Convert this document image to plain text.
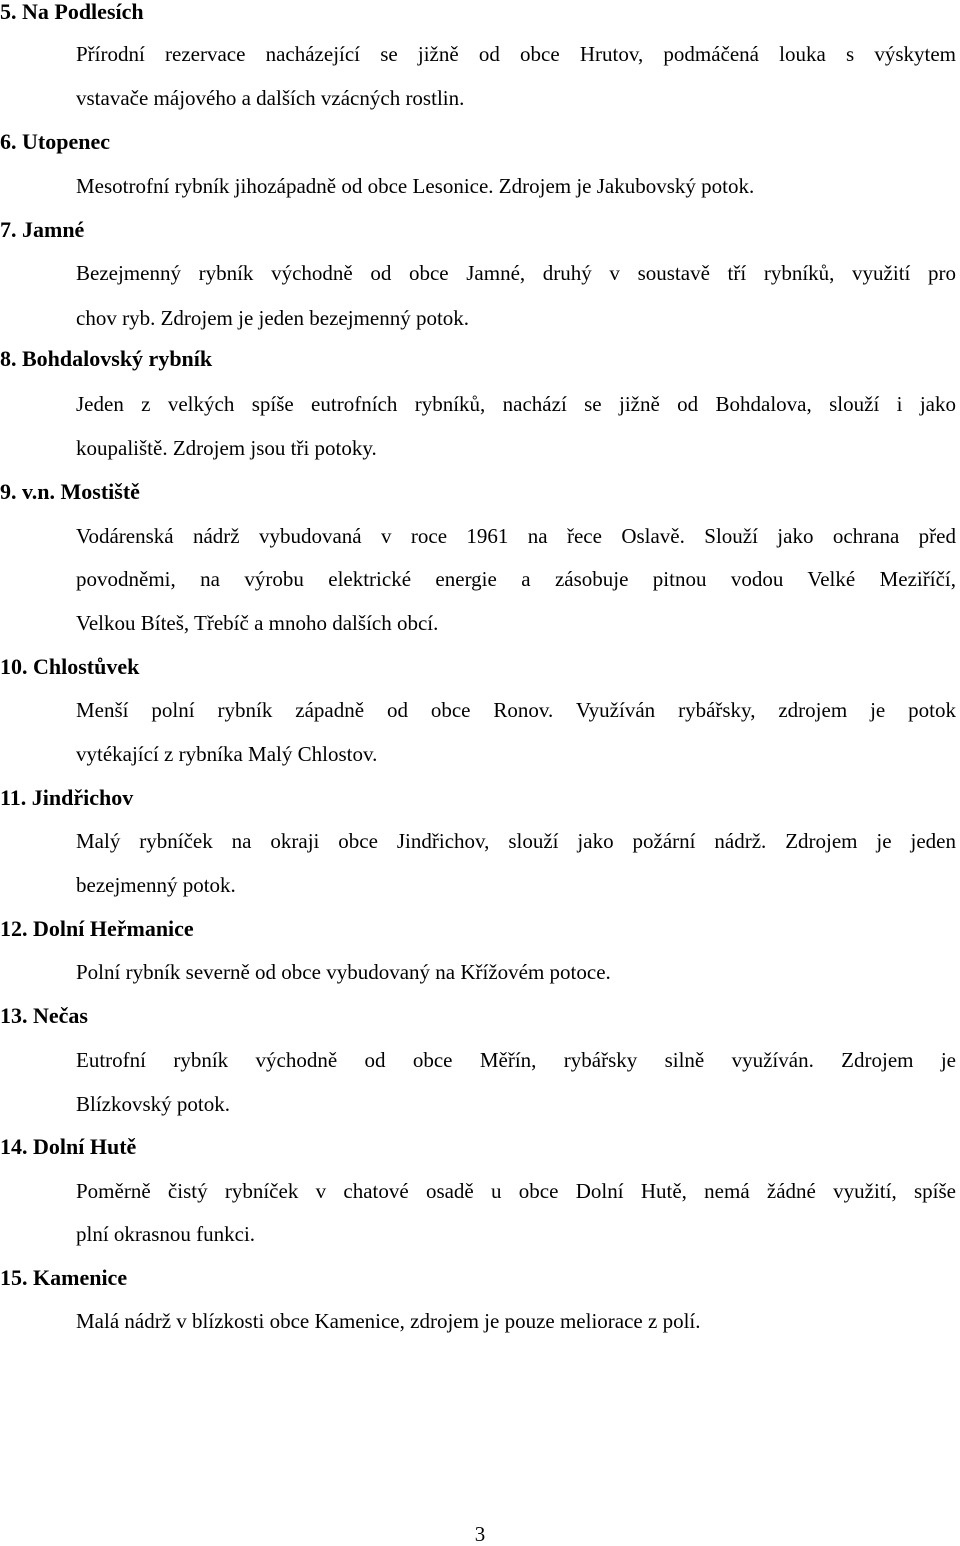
5. Na Podlesích
Přírodní rezervace nacházející se jižně od obce Hrutov, podmáčená louka s výskytem
vstavače májového a dalších vzácných rostlin.
6. Utopenec
Mesotrofní rybník jihozápadně od obce Lesonice. Zdrojem je Jakubovský potok.
7. Jamné
Bezejmenný rybník východně od obce Jamné, druhý v soustavě tří rybníků, využití pro
chov ryb. Zdrojem je jeden bezejmenný potok.
8. Bohdalovský rybník
Jeden z velkých spíše eutrofních rybníků, nachází se jižně od Bohdalova, slouží i jako
koupaliště. Zdrojem jsou tři potoky.
9. v.n. Mostiště
Vodárenská nádrž vybudovaná v roce 1961 na řece Oslavě. Slouží jako ochrana před
povodněmi, na výrobu elektrické energie a zásobuje pitnou vodou Velké Meziříčí,
Velkou Bíteš, Třebíč a mnoho dalších obcí.
10. Chlostůvek
Menší polní rybník západně od obce Ronov. Využíván rybářsky, zdrojem je potok
vytékající z rybníka Malý Chlostov.
11. Jindřichov
Malý rybníček na okraji obce Jindřichov, slouží jako požární nádrž. Zdrojem je jeden
bezejmenný potok.
12. Dolní Heřmanice
Polní rybník severně od obce vybudovaný na Křížovém potoce.
13. Nečas
Eutrofní rybník východně od obce Měřín, rybářsky silně využíván. Zdrojem je
Blízkovský potok.
14. Dolní Hutě
Poměrně čistý rybníček v chatové osadě u obce Dolní Hutě, nemá žádné využití, spíše
plní okrasnou funkci.
15. Kamenice
Malá nádrž v blízkosti obce Kamenice, zdrojem je pouze meliorace z polí.
3
